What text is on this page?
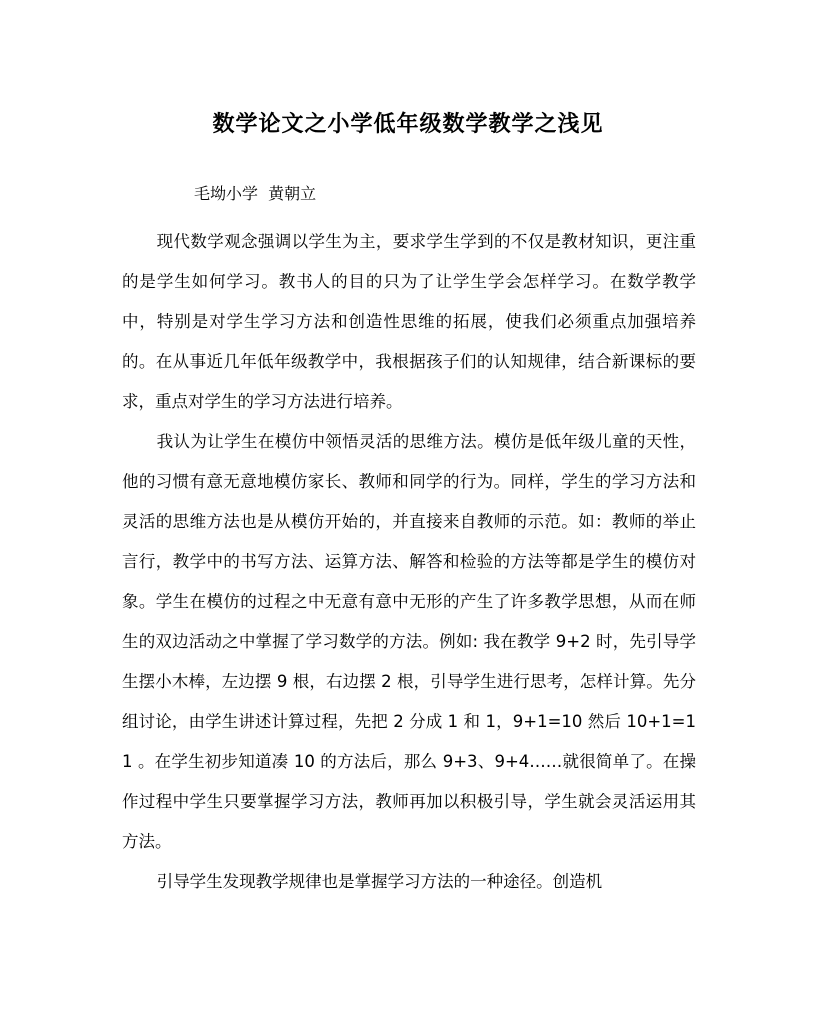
数学论文之小学低年级数学教学之浅见
毛坳小学  黄朝立

现代数学观念强调以学生为主，要求学生学到的不仅是教材知识，更注重的是学生如何学习。教书人的目的只为了让学生学会怎样学习。在数学教学中，特别是对学生学习方法和创造性思维的拓展，使我们必须重点加强培养的。在从事近几年低年级教学中，我根据孩子们的认知规律，结合新课标的要求，重点对学生的学习方法进行培养。

我认为让学生在模仿中领悟灵活的思维方法。模仿是低年级儿童的天性，他的习惯有意无意地模仿家长、教师和同学的行为。同样，学生的学习方法和灵活的思维方法也是从模仿开始的，并直接来自教师的示范。如：教师的举止言行，教学中的书写方法、运算方法、解答和检验的方法等都是学生的模仿对象。学生在模仿的过程之中无意有意中无形的产生了许多教学思想，从而在师生的双边活动之中掌握了学习数学的方法。例如: 我在教学 9+2 时，先引导学生摆小木棒，左边摆 9 根，右边摆 2 根，引导学生进行思考，怎样计算。先分组讨论，由学生讲述计算过程，先把 2 分成 1 和 1，9+1=10 然后 10+1=11 。在学生初步知道凑 10 的方法后，那么 9+3、9+4……就很简单了。在操作过程中学生只要掌握学习方法，教师再加以积极引导，学生就会灵活运用其方法。

引导学生发现教学规律也是掌握学习方法的一种途径。创造机
